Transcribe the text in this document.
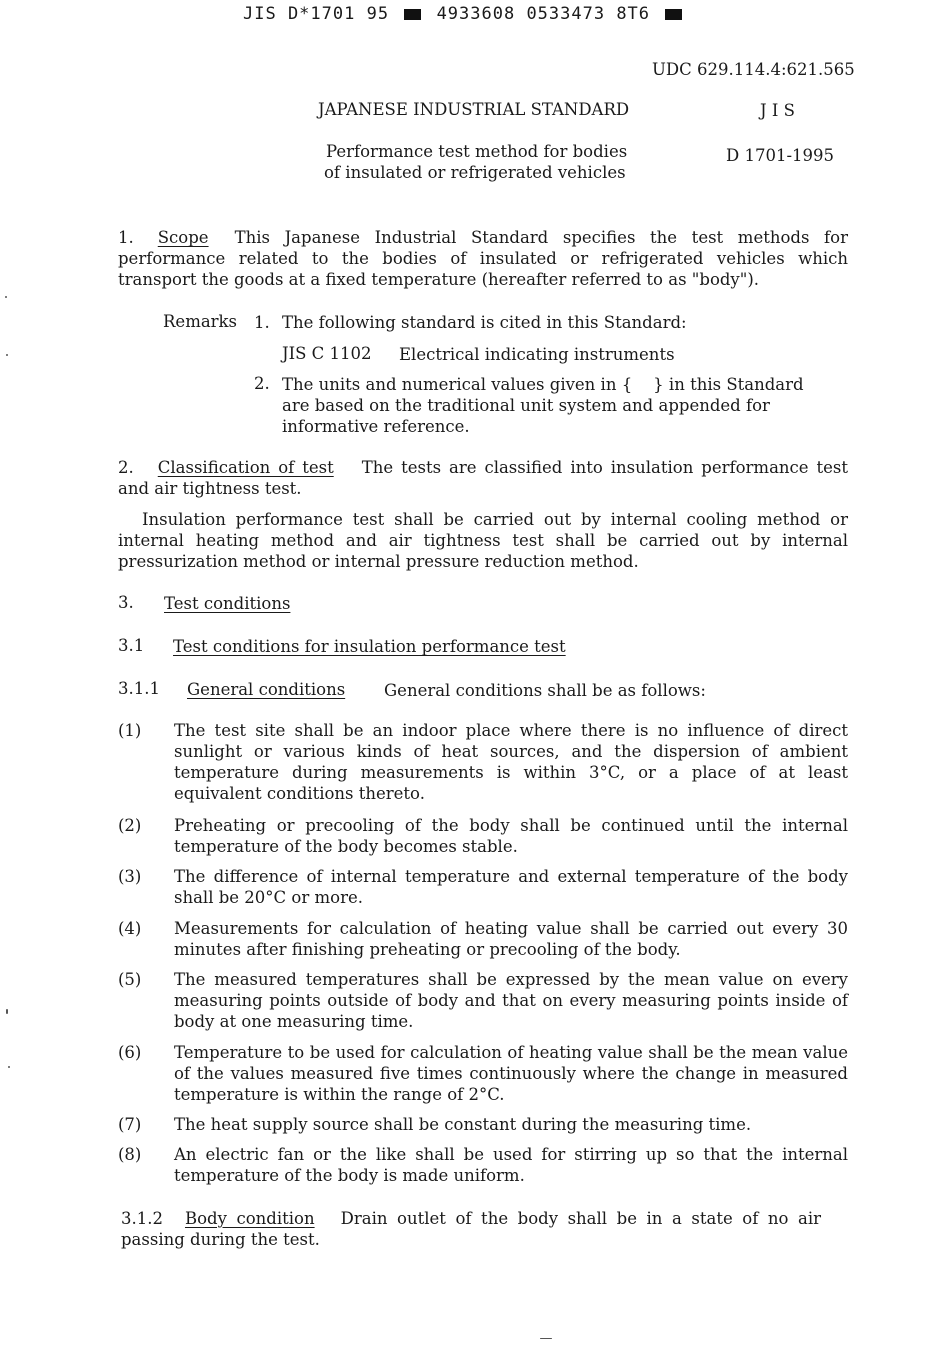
JIS D*1701 95	4933608 0533473 8T6
UDC 629.114.4:621.565
JAPANESE INDUSTRIAL STANDARD	J I S
Performance test method for bodies
of insulated or refrigerated vehicles
D 1701-1995
1. Scope This Japanese Industrial Standard specifies the test methods for performance related to the bodies of insulated or refrigerated vehicles which transport the goods at a fixed temperature (hereafter referred to as "body").
Remarks 1. The following standard is cited in this Standard:
JIS C 1102 Electrical indicating instruments
2. The units and numerical values given in {    } in this Standard are based on the traditional unit system and appended for informative reference.
2. Classification of test The tests are classified into insulation performance test and air tightness test.
Insulation performance test shall be carried out by internal cooling method or internal heating method and air tightness test shall be carried out by internal pressurization method or internal pressure reduction method.
3. Test conditions
3.1 Test conditions for insulation performance test
3.1.1 General conditions General conditions shall be as follows:
(1) The test site shall be an indoor place where there is no influence of direct sunlight or various kinds of heat sources, and the dispersion of ambient temperature during measurements is within 3°C, or a place of at least equivalent conditions thereto.
(2) Preheating or precooling of the body shall be continued until the internal temperature of the body becomes stable.
(3) The difference of internal temperature and external temperature of the body shall be 20°C or more.
(4) Measurements for calculation of heating value shall be carried out every 30 minutes after finishing preheating or precooling of the body.
(5) The measured temperatures shall be expressed by the mean value on every measuring points outside of body and that on every measuring points inside of body at one measuring time.
(6) Temperature to be used for calculation of heating value shall be the mean value of the values measured five times continuously where the change in measured temperature is within the range of 2°C.
(7) The heat supply source shall be constant during the measuring time.
(8) An electric fan or the like shall be used for stirring up so that the internal temperature of the body is made uniform.
3.1.2 Body condition Drain outlet of the body shall be in a state of no air passing during the test.
